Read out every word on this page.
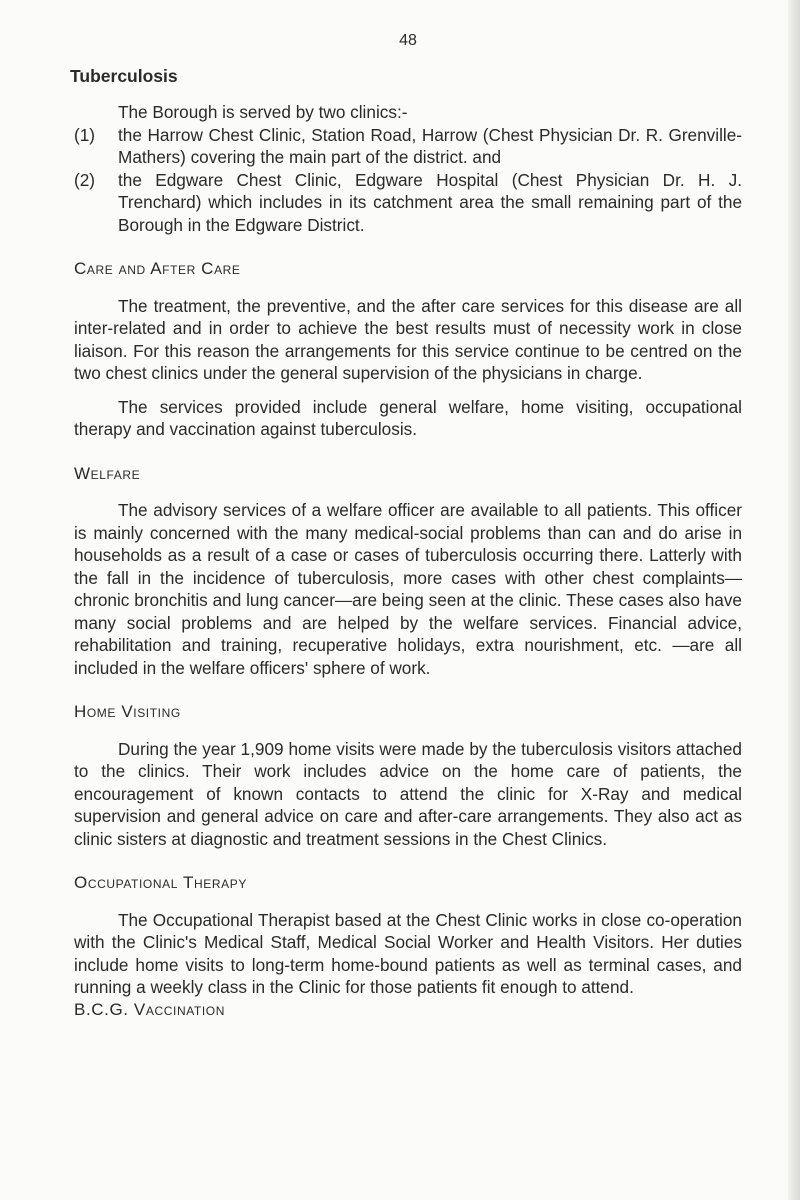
48
Tuberculosis

The Borough is served by two clinics:-

(1)	the Harrow Chest Clinic, Station Road, Harrow (Chest Physician Dr. R. Grenville-Mathers) covering the main part of the district. and
(2)	the Edgware Chest Clinic, Edgware Hospital (Chest Physician Dr. H. J. Trenchard) which includes in its catchment area the small remaining part of the Borough in the Edgware District.
Care and After Care

The treatment, the preventive, and the after care services for this disease are all inter-related and in order to achieve the best results must of necessity work in close liaison. For this reason the arrangements for this service continue to be centred on the two chest clinics under the general supervision of the physicians in charge.

The services provided include general welfare, home visiting, occupational therapy and vaccination against tuberculosis.

Welfare

The advisory services of a welfare officer are available to all patients. This officer is mainly concerned with the many medical-social problems than can and do arise in households as a result of a case or cases of tuberculosis occurring there. Latterly with the fall in the incidence of tuberculosis, more cases with other chest complaints—chronic bronchitis and lung cancer—are being seen at the clinic. These cases also have many social problems and are helped by the welfare services. Financial advice, rehabilitation and training, recuperative holidays, extra nourishment, etc. —are all included in the welfare officers' sphere of work.

Home Visiting

During the year 1,909 home visits were made by the tuberculosis visitors attached to the clinics. Their work includes advice on the home care of patients, the encouragement of known contacts to attend the clinic for X-Ray and medical supervision and general advice on care and after-care arrangements. They also act as clinic sisters at diagnostic and treatment sessions in the Chest Clinics.

Occupational Therapy

The Occupational Therapist based at the Chest Clinic works in close co-operation with the Clinic's Medical Staff, Medical Social Worker and Health Visitors. Her duties include home visits to long-term home-bound patients as well as terminal cases, and running a weekly class in the Clinic for those patients fit enough to attend.

B.C.G. Vaccination
